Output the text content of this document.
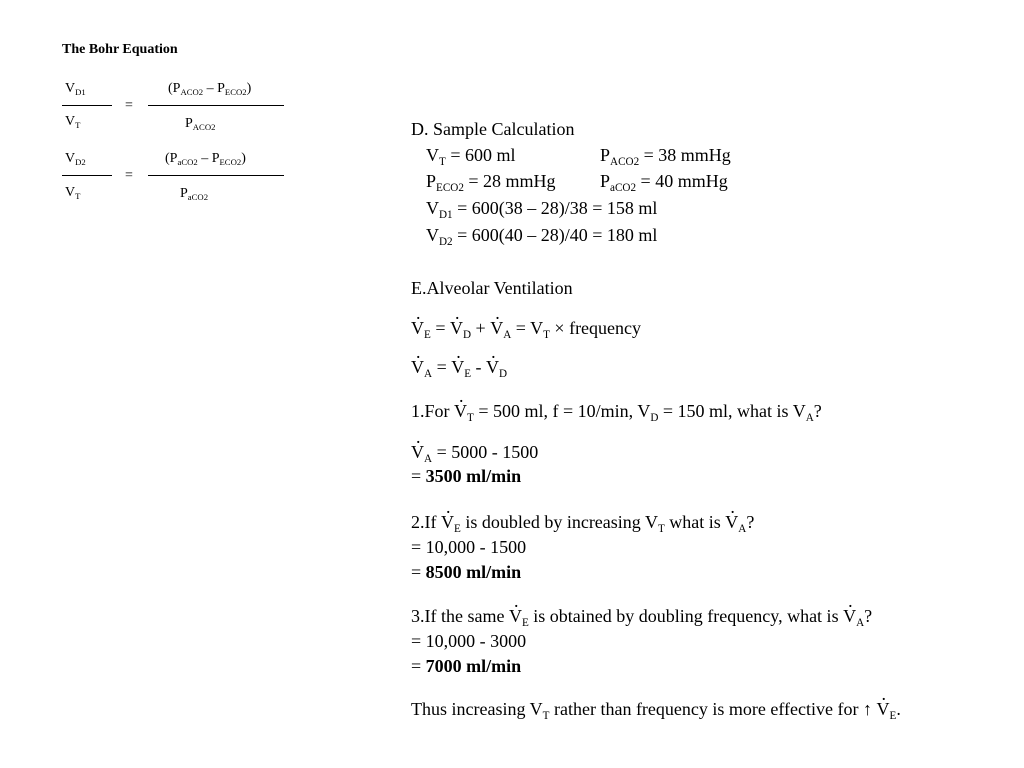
The Bohr Equation
VD1
=
(PACO2 – PECO2)
VT	PACO2
VD2
=
(PaCO2 – PECO2)
VT	PaCO2
D. Sample Calculation
VT = 600 ml	PACO2 = 38 mmHg
PECO2 = 28 mmHg PaCO2 = 40 mmHg
VD1 = 600(38 – 28)/38 = 158 ml
VD2 = 600(40 – 28)/40 = 180 ml
E.Alveolar Ventilation
. VE = . VD + . VA = VT × frequency
. VA = . VE - . VD
1.For . VT = 500 ml, f = 10/min, VD = 150 ml, what is VA?
. VA = 5000 - 1500
= 3500 ml/min
2.If . VE is doubled by increasing VT what is . VA?
= 10,000 - 1500
= 8500 ml/min
3.If the same . VE is obtained by doubling frequency, what is . VA?
= 10,000 - 3000
= 7000 ml/min
Thus increasing VT rather than frequency is more effective for ↑ . VE.
